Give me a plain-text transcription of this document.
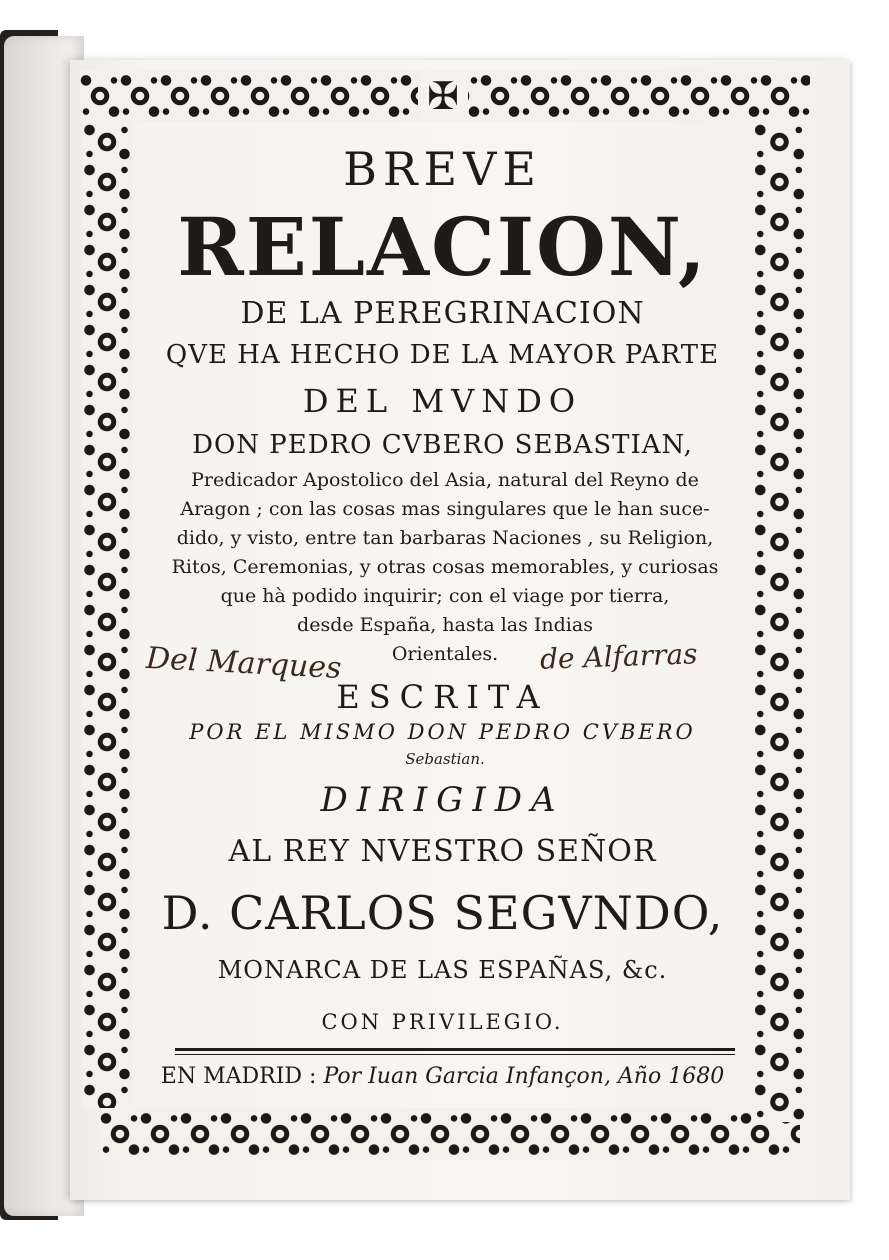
✠
BREVE
RELACION,
DE LA PEREGRINACION
QVE HA HECHO DE LA MAYOR PARTE
DEL MVNDO
DON PEDRO CVBERO SEBASTIAN,
Predicador Apostolico del Asia, natural del Reyno de
Aragon ; con las cosas mas singulares que le han suce-
dido, y visto, entre tan barbaras Naciones , su Religion,
Ritos, Ceremonias, y otras cosas memorables, y curiosas
que hà podido inquirir; con el viage por tierra,
desde España, hasta las Indias
Orientales.
ESCRITA
POR EL MISMO DON PEDRO CVBERO
Sebastian.
DIRIGIDA
AL REY NVESTRO SEÑOR
D. CARLOS SEGVNDO,
MONARCA DE LAS ESPAÑAS, &c.
CON PRIVILEGIO.
EN MADRID : Por Iuan Garcia Infançon, Año 1680
Del Marques	de Alfarras
